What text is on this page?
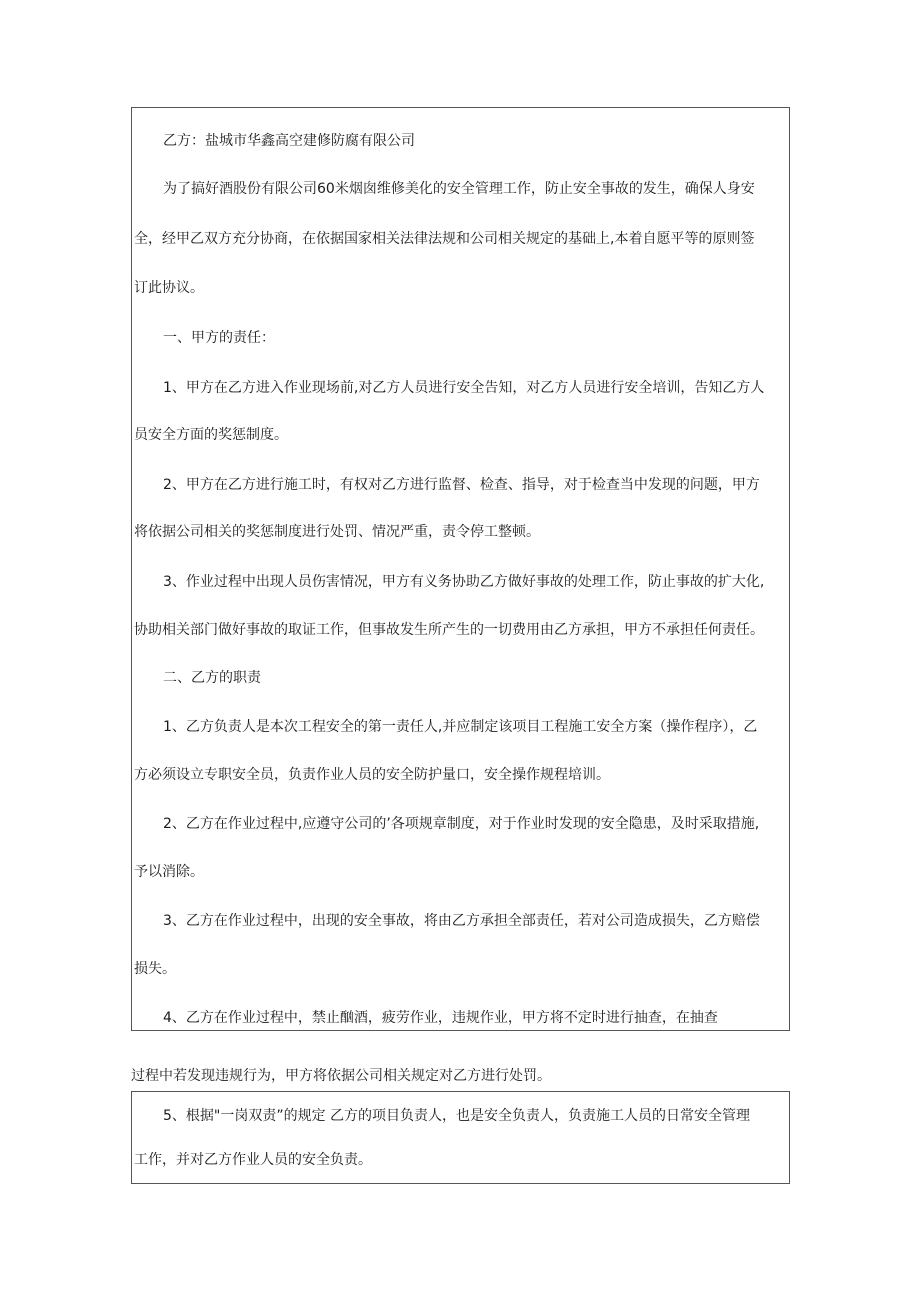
乙方：盐城市华鑫高空建修防腐有限公司

为了搞好酒股份有限公司60米烟囱维修美化的安全管理工作，防止安全事故的发生，确保人身安

全，经甲乙双方充分协商，在依据国家相关法律法规和公司相关规定的基础上,本着自愿平等的原则签

订此协议。

一、甲方的责任：

1、甲方在乙方进入作业现场前,对乙方人员进行安全告知，对乙方人员进行安全培训，告知乙方人

员安全方面的奖惩制度。

2、甲方在乙方进行施工时，有权对乙方进行监督、检查、指导，对于检查当中发现的问题，甲方

将依据公司相关的奖惩制度进行处罚、情况严重，责令停工整顿。

3、作业过程中出现人员伤害情况，甲方有义务协助乙方做好事故的处理工作，防止事故的扩大化,

协助相关部门做好事故的取证工作，但事故发生所产生的一切费用由乙方承担，甲方不承担任何责任。

二、乙方的职责

1、乙方负责人是本次工程安全的第一责任人,并应制定该项目工程施工安全方案（操作程序），乙

方必须设立专职安全员，负责作业人员的安全防护量口，安全操作规程培训。

2、乙方在作业过程中,应遵守公司的’各项规章制度，对于作业时发现的安全隐患，及时采取措施,

予以消除。

3、乙方在作业过程中，出现的安全事故，将由乙方承担全部责任，若对公司造成损失，乙方赔偿

损失。

4、乙方在作业过程中，禁止酗酒，疲劳作业，违规作业，甲方将不定时进行抽查，在抽查

过程中若发现违规行为，甲方将依据公司相关规定对乙方进行处罚。

5、根据"一岗双责”的规定 乙方的项目负责人，也是安全负责人，负责施工人员的日常安全管理

工作，并对乙方作业人员的安全负责。
